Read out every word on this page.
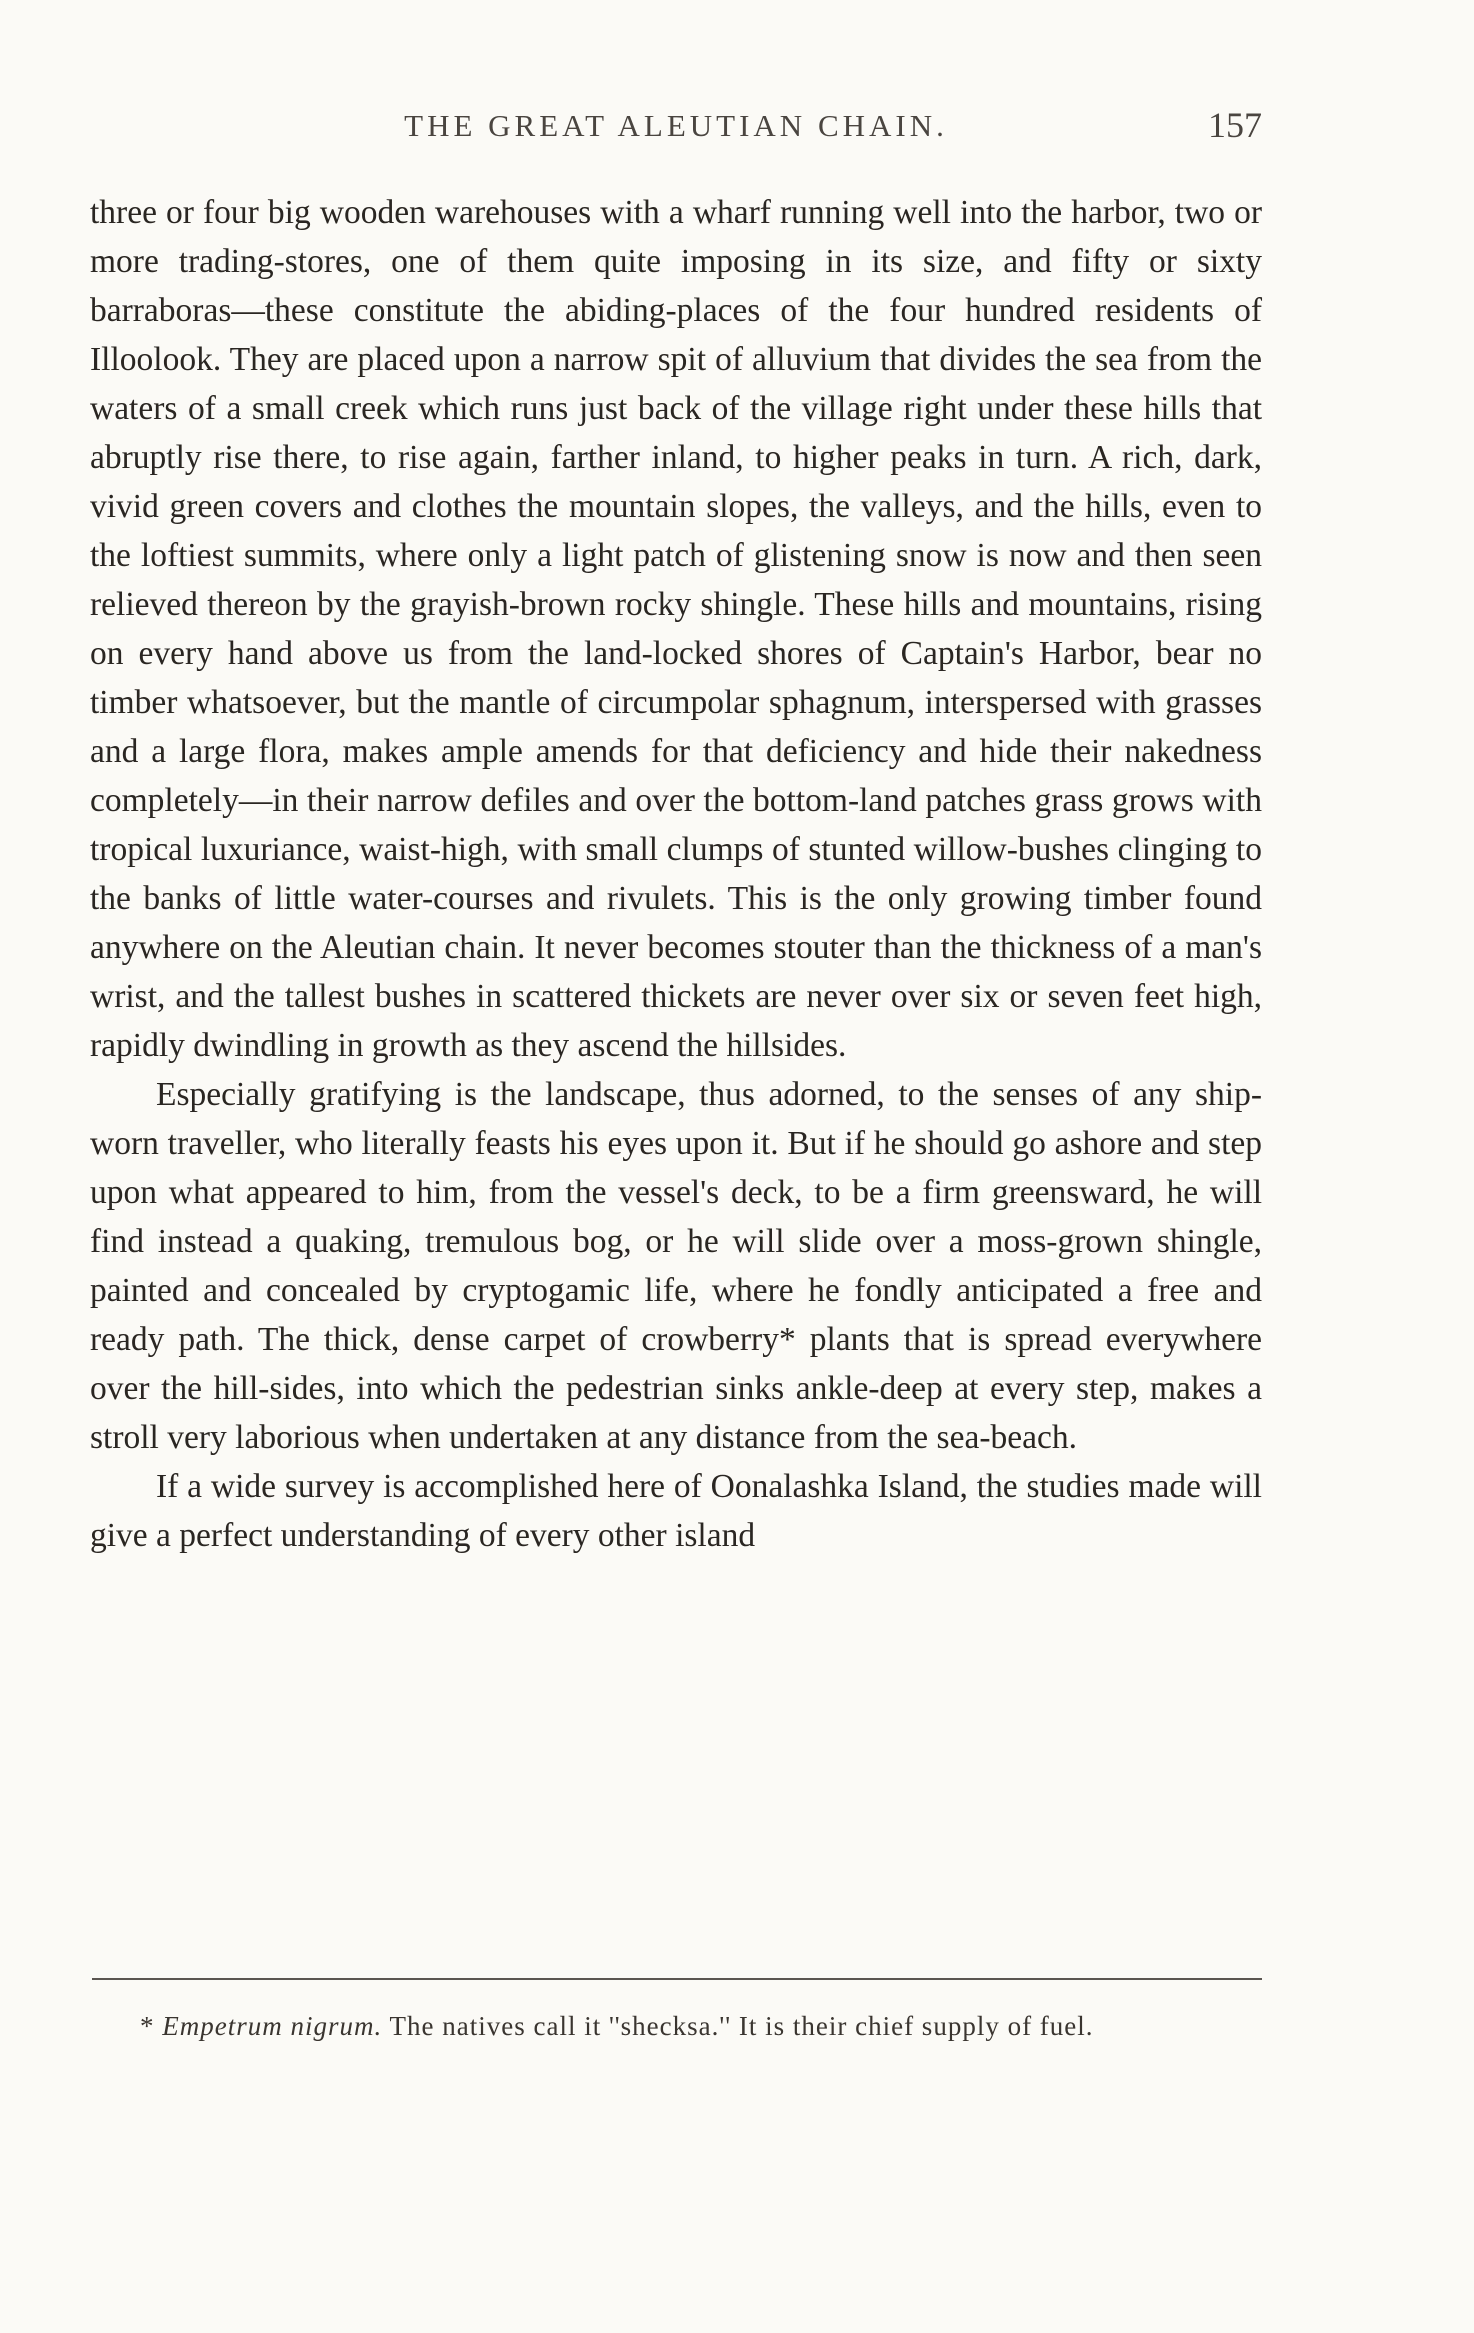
THE GREAT ALEUTIAN CHAIN.	157

three or four big wooden warehouses with a wharf running well into the harbor, two or more trading-stores, one of them quite imposing in its size, and fifty or sixty barraboras—these constitute the abiding-places of the four hundred residents of Illoolook. They are placed upon a narrow spit of alluvium that divides the sea from the waters of a small creek which runs just back of the village right under these hills that abruptly rise there, to rise again, farther inland, to higher peaks in turn. A rich, dark, vivid green covers and clothes the mountain slopes, the valleys, and the hills, even to the loftiest summits, where only a light patch of glistening snow is now and then seen relieved thereon by the grayish-brown rocky shingle. These hills and mountains, rising on every hand above us from the land-locked shores of Captain's Harbor, bear no timber whatsoever, but the mantle of circumpolar sphagnum, interspersed with grasses and a large flora, makes ample amends for that deficiency and hide their nakedness completely—in their narrow defiles and over the bottom-land patches grass grows with tropical luxuriance, waist-high, with small clumps of stunted willow-bushes clinging to the banks of little water-courses and rivulets. This is the only growing timber found anywhere on the Aleutian chain. It never becomes stouter than the thickness of a man's wrist, and the tallest bushes in scattered thickets are never over six or seven feet high, rapidly dwindling in growth as they ascend the hillsides.

Especially gratifying is the landscape, thus adorned, to the senses of any ship-worn traveller, who literally feasts his eyes upon it. But if he should go ashore and step upon what appeared to him, from the vessel's deck, to be a firm greensward, he will find instead a quaking, tremulous bog, or he will slide over a moss-grown shingle, painted and concealed by cryptogamic life, where he fondly anticipated a free and ready path. The thick, dense carpet of crowberry* plants that is spread everywhere over the hill-sides, into which the pedestrian sinks ankle-deep at every step, makes a stroll very laborious when undertaken at any distance from the sea-beach.

If a wide survey is accomplished here of Oonalashka Island, the studies made will give a perfect understanding of every other island

* Empetrum nigrum. The natives call it ''shecksa.'' It is their chief supply of fuel.
